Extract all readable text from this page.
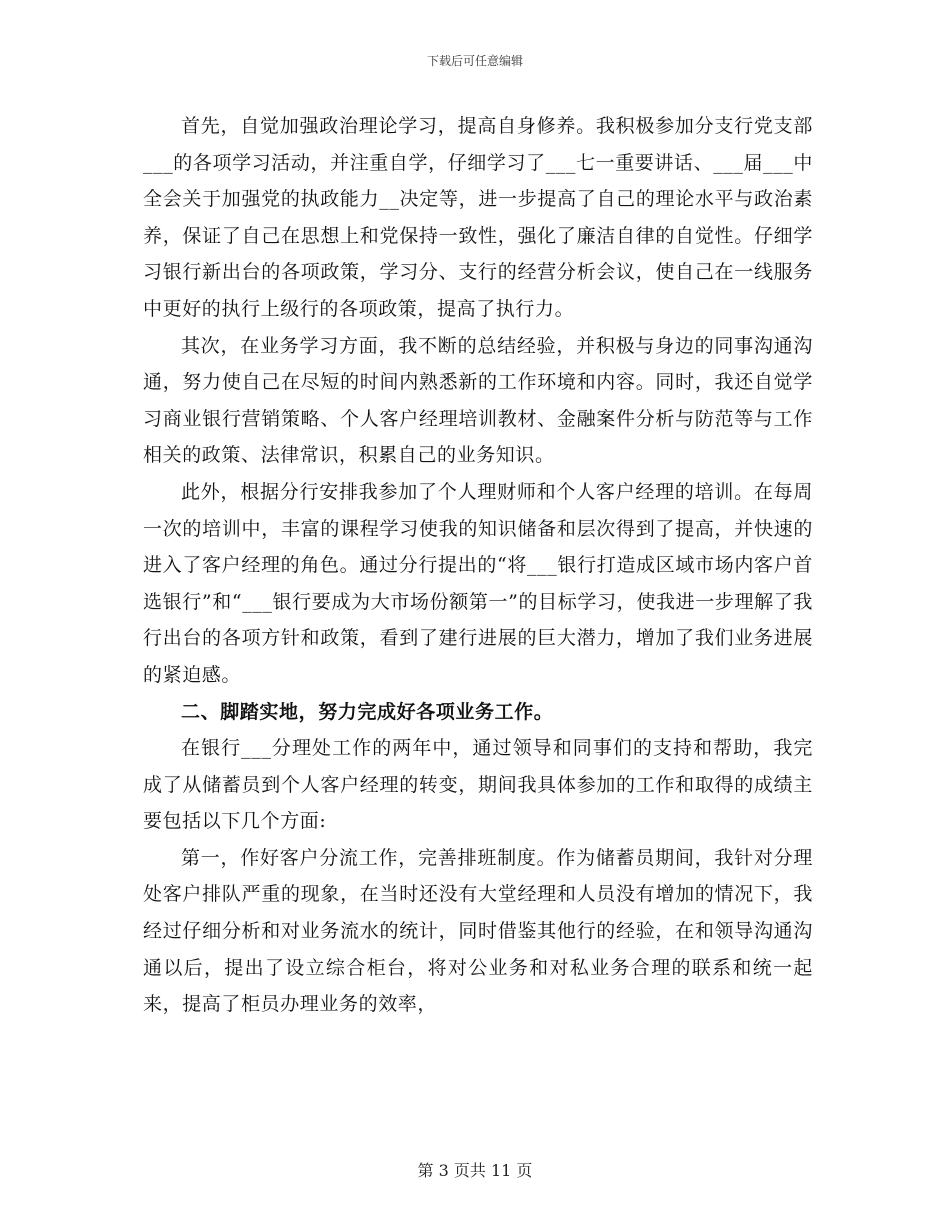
下载后可任意编辑

首先，自觉加强政治理论学习，提高自身修养。我积极参加分支行党支部___的各项学习活动，并注重自学，仔细学习了___七一重要讲话、___届___中全会关于加强党的执政能力__决定等，进一步提高了自己的理论水平与政治素养，保证了自己在思想上和党保持一致性，强化了廉洁自律的自觉性。仔细学习银行新出台的各项政策，学习分、支行的经营分析会议，使自己在一线服务中更好的执行上级行的各项政策，提高了执行力。

其次，在业务学习方面，我不断的总结经验，并积极与身边的同事沟通沟通，努力使自己在尽短的时间内熟悉新的工作环境和内容。同时，我还自觉学习商业银行营销策略、个人客户经理培训教材、金融案件分析与防范等与工作相关的政策、法律常识，积累自己的业务知识。

此外，根据分行安排我参加了个人理财师和个人客户经理的培训。在每周一次的培训中，丰富的课程学习使我的知识储备和层次得到了提高，并快速的进入了客户经理的角色。通过分行提出的“将___银行打造成区域市场内客户首选银行”和“___银行要成为大市场份额第一”的目标学习，使我进一步理解了我行出台的各项方针和政策，看到了建行进展的巨大潜力，增加了我们业务进展的紧迫感。

二、脚踏实地，努力完成好各项业务工作。

在银行___分理处工作的两年中，通过领导和同事们的支持和帮助，我完成了从储蓄员到个人客户经理的转变，期间我具体参加的工作和取得的成绩主要包括以下几个方面:

第一，作好客户分流工作，完善排班制度。作为储蓄员期间，我针对分理处客户排队严重的现象，在当时还没有大堂经理和人员没有增加的情况下，我经过仔细分析和对业务流水的统计，同时借鉴其他行的经验，在和领导沟通沟通以后，提出了设立综合柜台，将对公业务和对私业务合理的联系和统一起来，提高了柜员办理业务的效率，

第 3 页共 11 页
